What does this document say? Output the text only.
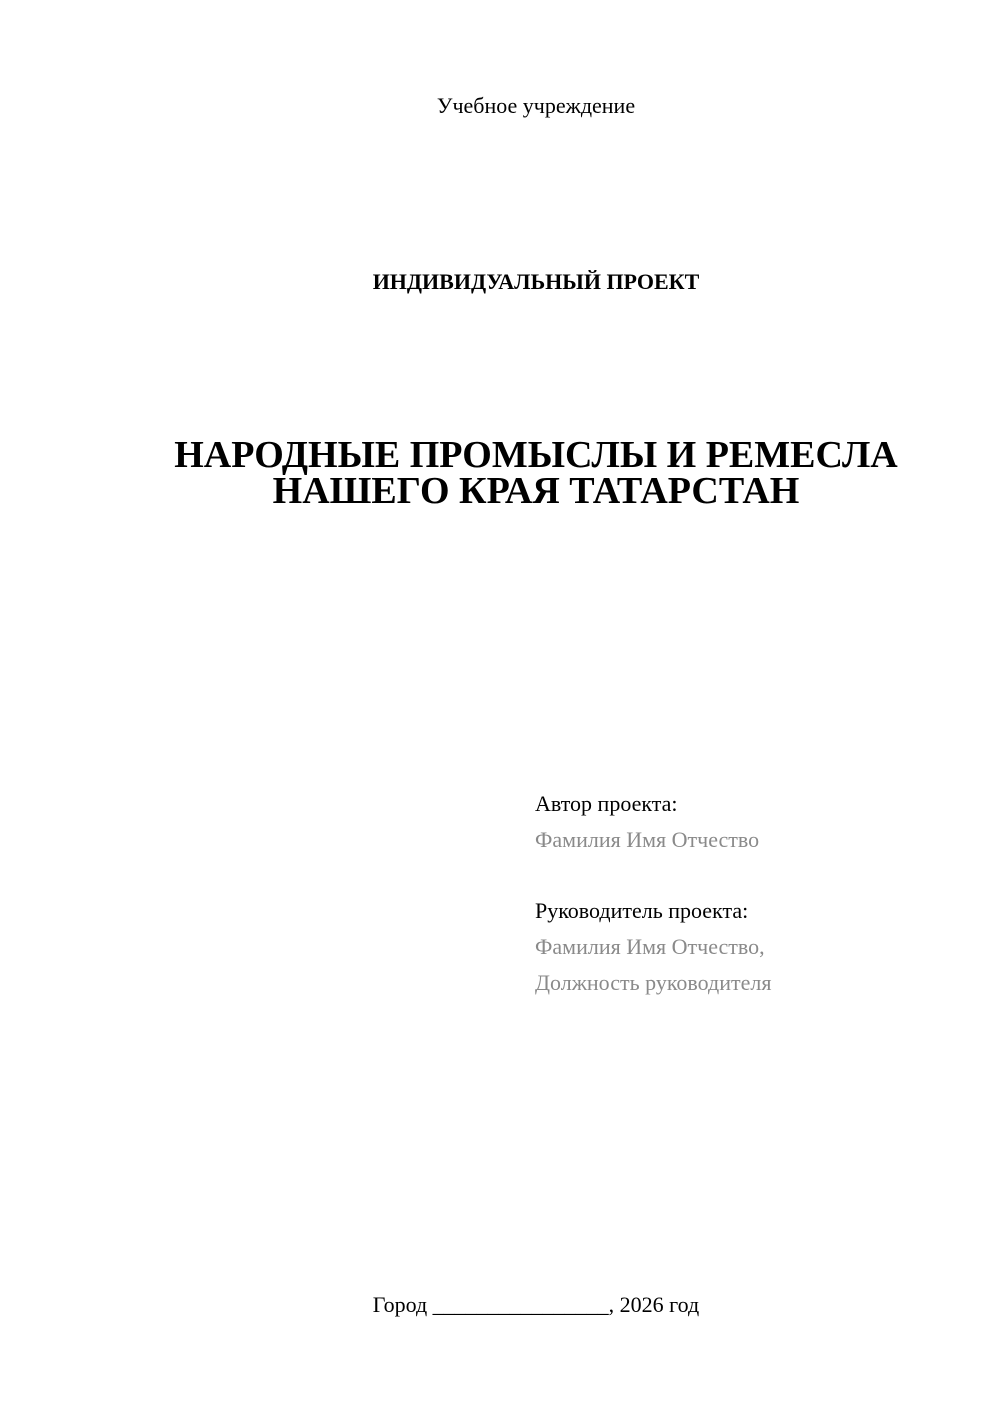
Учебное учреждение

ИНДИВИДУАЛЬНЫЙ ПРОЕКТ

НАРОДНЫЕ ПРОМЫСЛЫ И РЕМЕСЛА
НАШЕГО КРАЯ ТАТАРСТАН
Автор проекта:
Фамилия Имя Отчество
Руководитель проекта:
Фамилия Имя Отчество,
Должность руководителя

Город ________________, 2026 год
